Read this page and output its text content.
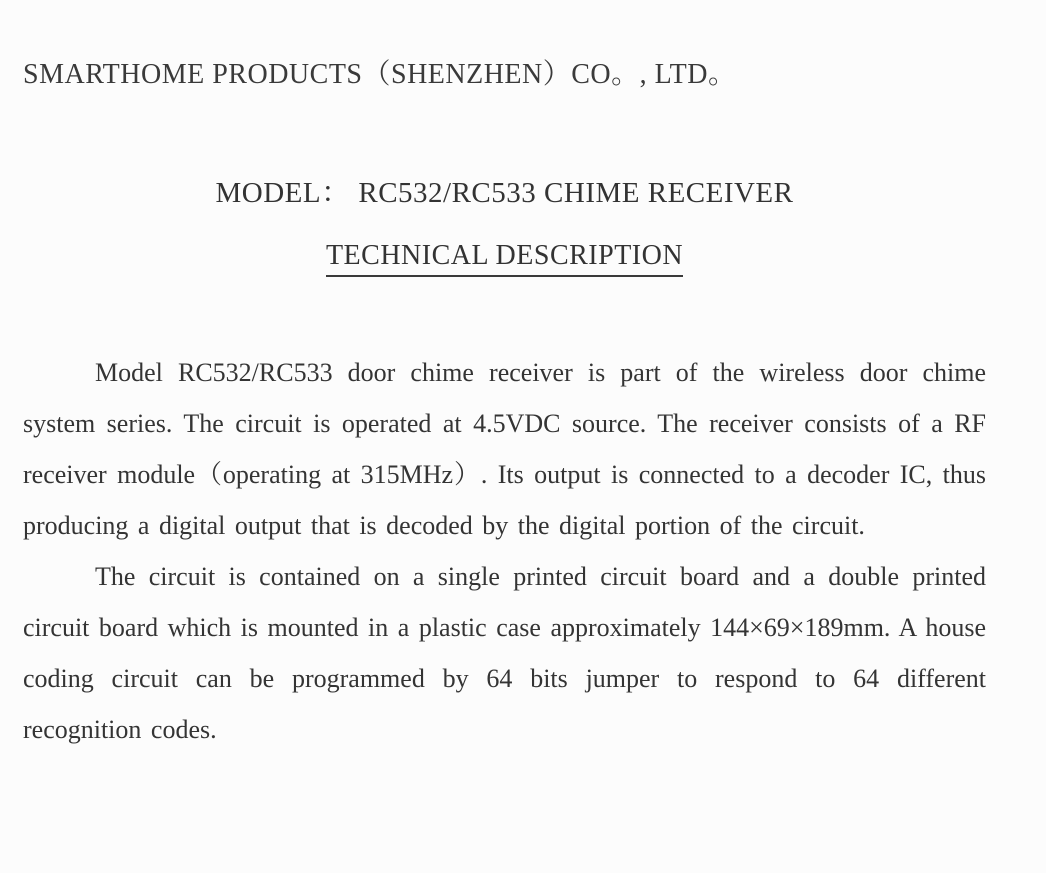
SMARTHOME PRODUCTS（SHENZHEN）CO。, LTD。
MODEL： RC532/RC533 CHIME RECEIVER
TECHNICAL DESCRIPTION

Model RC532/RC533 door chime receiver is part of the wireless door chime system series. The circuit is operated at 4.5VDC source. The receiver consists of a RF receiver module（operating at 315MHz）. Its output is connected to a decoder IC, thus producing a digital output that is decoded by the digital portion of the circuit.

The circuit is contained on a single printed circuit board and a double printed circuit board which is mounted in a plastic case approximately 144×69×189mm. A house coding circuit can be programmed by 64 bits jumper to respond to 64 different recognition codes.
